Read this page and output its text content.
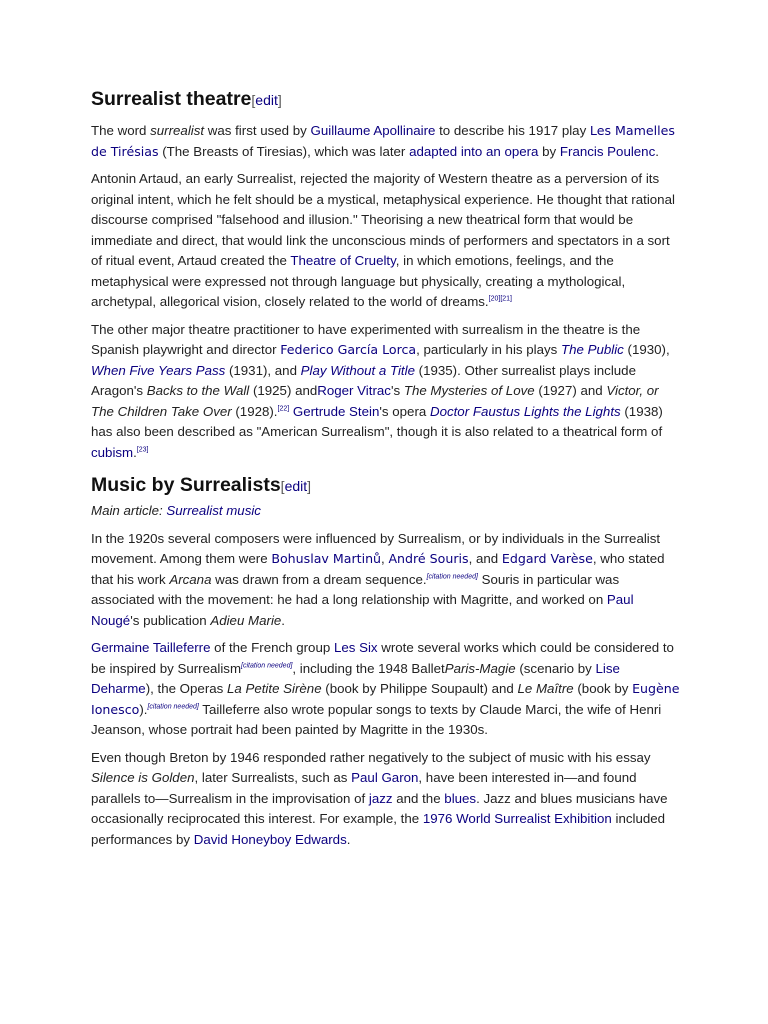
Surrealist theatre[edit]

The word surrealist was first used by Guillaume Apollinaire to describe his 1917 play Les Mamelles de Tirésias (The Breasts of Tiresias), which was later adapted into an opera by Francis Poulenc.

Antonin Artaud, an early Surrealist, rejected the majority of Western theatre as a perversion of its original intent, which he felt should be a mystical, metaphysical experience. He thought that rational discourse comprised "falsehood and illusion." Theorising a new theatrical form that would be immediate and direct, that would link the unconscious minds of performers and spectators in a sort of ritual event, Artaud created the Theatre of Cruelty, in which emotions, feelings, and the metaphysical were expressed not through language but physically, creating a mythological, archetypal, allegorical vision, closely related to the world of dreams.[20][21]

The other major theatre practitioner to have experimented with surrealism in the theatre is the Spanish playwright and director Federico García Lorca, particularly in his plays The Public (1930), When Five Years Pass (1931), and Play Without a Title (1935). Other surrealist plays include Aragon's Backs to the Wall (1925) andRoger Vitrac's The Mysteries of Love (1927) and Victor, or The Children Take Over (1928).[22] Gertrude Stein's opera Doctor Faustus Lights the Lights (1938) has also been described as "American Surrealism", though it is also related to a theatrical form of cubism.[23]

Music by Surrealists[edit]
Main article: Surrealist music

In the 1920s several composers were influenced by Surrealism, or by individuals in the Surrealist movement. Among them were Bohuslav Martinů, André Souris, and Edgard Varèse, who stated that his work Arcana was drawn from a dream sequence.[citation needed] Souris in particular was associated with the movement: he had a long relationship with Magritte, and worked on Paul Nougé's publication Adieu Marie.

Germaine Tailleferre of the French group Les Six wrote several works which could be considered to be inspired by Surrealism[citation needed], including the 1948 BalletParis-Magie (scenario by Lise Deharme), the Operas La Petite Sirène (book by Philippe Soupault) and Le Maître (book by Eugène Ionesco).[citation needed] Tailleferre also wrote popular songs to texts by Claude Marci, the wife of Henri Jeanson, whose portrait had been painted by Magritte in the 1930s.

Even though Breton by 1946 responded rather negatively to the subject of music with his essay Silence is Golden, later Surrealists, such as Paul Garon, have been interested in—and found parallels to—Surrealism in the improvisation of jazz and the blues. Jazz and blues musicians have occasionally reciprocated this interest. For example, the 1976 World Surrealist Exhibition included performances by David Honeyboy Edwards.
